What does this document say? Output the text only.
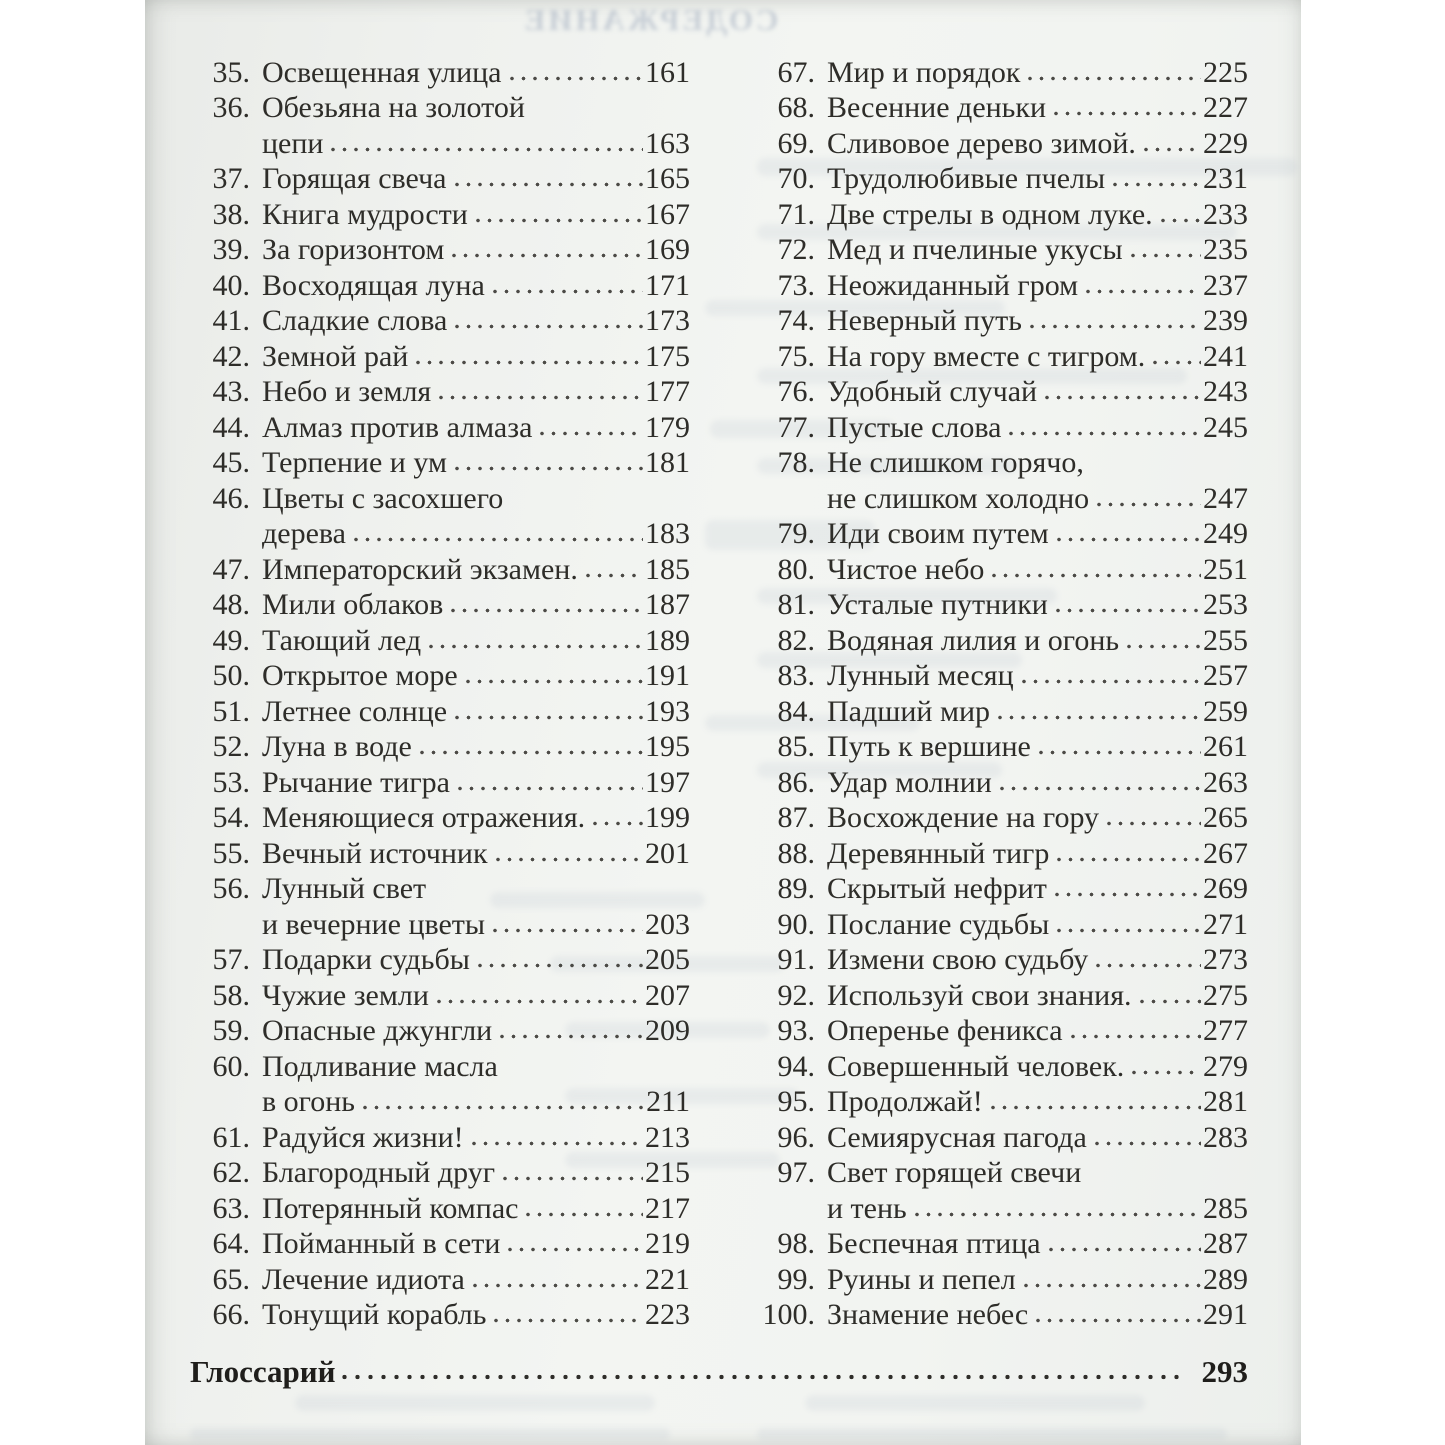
СОДЕРЖАНИЕ
35. Освещенная улица	161
36. Обезьяна на золотой
цепи	163
37. Горящая свеча	165
38. Книга мудрости	167
39. За горизонтом	169
40. Восходящая луна	171
41. Сладкие слова	173
42. Земной рай	175
43. Небо и земля	177
44. Алмаз против алмаза	179
45. Терпение и ум	181
46. Цветы с засохшего
дерева	183
47. Императорский экзамен. 185
48. Мили облаков	187
49. Тающий лед	189
50. Открытое море	191
51. Летнее солнце	193
52. Луна в воде	195
53. Рычание тигра	197
54. Меняющиеся отражения. 199
55. Вечный источник	201
56. Лунный свет
и вечерние цветы	203
57. Подарки судьбы	205
58. Чужие земли	207
59. Опасные джунгли	209
60. Подливание масла
в огонь	211
61. Радуйся жизни!	213
62. Благородный друг	215
63. Потерянный компас	217
64. Пойманный в сети	219
65. Лечение идиота	221
66. Тонущий корабль	223
67. Мир и порядок	225
68. Весенние деньки	227
69. Сливовое дерево зимой. 229
70. Трудолюбивые пчелы	231
71. Две стрелы в одном луке. 233
72. Мед и пчелиные укусы	235
73. Неожиданный гром	237
74. Неверный путь	239
75. На гору вместе с тигром. 241
76. Удобный случай	243
77. Пустые слова	245
78. Не слишком горячо,
не слишком холодно	247
79. Иди своим путем	249
80. Чистое небо	251
81. Усталые путники	253
82. Водяная лилия и огонь	255
83. Лунный месяц	257
84. Падший мир	259
85. Путь к вершине	261
86. Удар молнии	263
87. Восхождение на гору	265
88. Деревянный тигр	267
89. Скрытый нефрит	269
90. Послание судьбы	271
91. Измени свою судьбу	273
92. Используй свои знания. 275
93. Оперенье феникса	277
94. Совершенный человек.	279
95. Продолжай!	281
96. Семиярусная пагода	283
97. Свет горящей свечи
и тень	285
98. Беспечная птица	287
99. Руины и пепел	289
100. Знамение небес	291
Глоссарий	293
